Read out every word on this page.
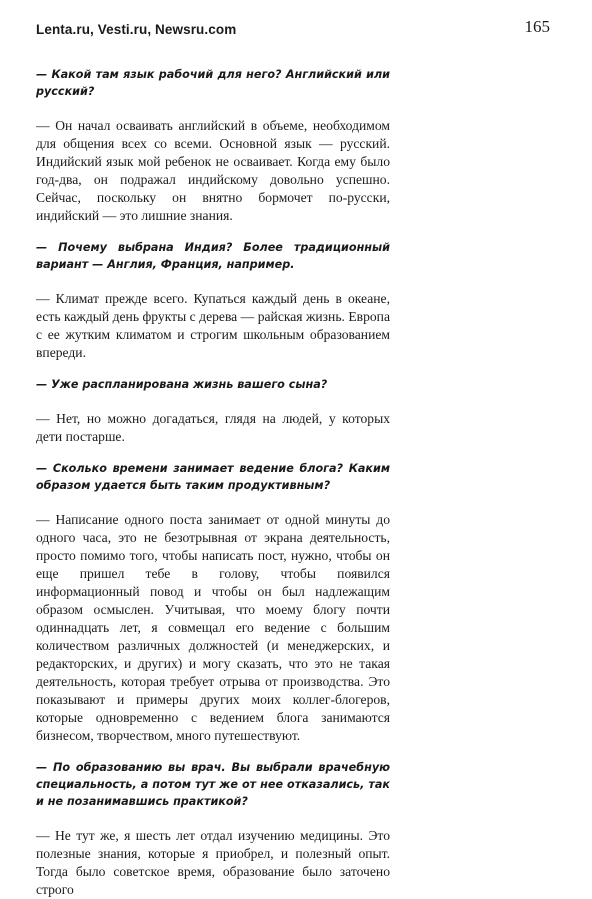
Lenta.ru, Vesti.ru, Newsru.com	165

— Какой там язык рабочий для него? Английский или русский?

— Он начал осваивать английский в объеме, необходимом для общения всех со всеми. Основной язык — русский. Индийский язык мой ребенок не осваивает. Когда ему было год-два, он подражал индийскому довольно успешно. Сейчас, поскольку он внятно бормочет по-русски, индийский — это лишние знания.

— Почему выбрана Индия? Более традиционный вариант — Англия, Франция, например.

— Климат прежде всего. Купаться каждый день в океане, есть каждый день фрукты с дерева — райская жизнь. Европа с ее жутким климатом и строгим школьным образованием впереди.

— Уже распланирована жизнь вашего сына?

— Нет, но можно догадаться, глядя на людей, у которых дети постарше.

— Сколько времени занимает ведение блога? Каким образом удается быть таким продуктивным?

— Написание одного поста занимает от одной минуты до одного часа, это не безотрывная от экрана деятельность, просто помимо того, чтобы написать пост, нужно, чтобы он еще пришел тебе в голову, чтобы появился информационный повод и чтобы он был надлежащим образом осмыслен. Учитывая, что моему блогу почти одиннадцать лет, я совмещал его ведение с большим количеством различных должностей (и менеджерских, и редакторских, и других) и могу сказать, что это не такая деятельность, которая требует отрыва от производства. Это показывают и примеры других моих коллег-блогеров, которые одновременно с ведением блога занимаются бизнесом, творчеством, много путешествуют.

— По образованию вы врач. Вы выбрали врачебную специальность, а потом тут же от нее отказались, так и не позанимавшись практикой?

— Не тут же, я шесть лет отдал изучению медицины. Это полезные знания, которые я приобрел, и полезный опыт. Тогда было советское время, образование было заточено строго
